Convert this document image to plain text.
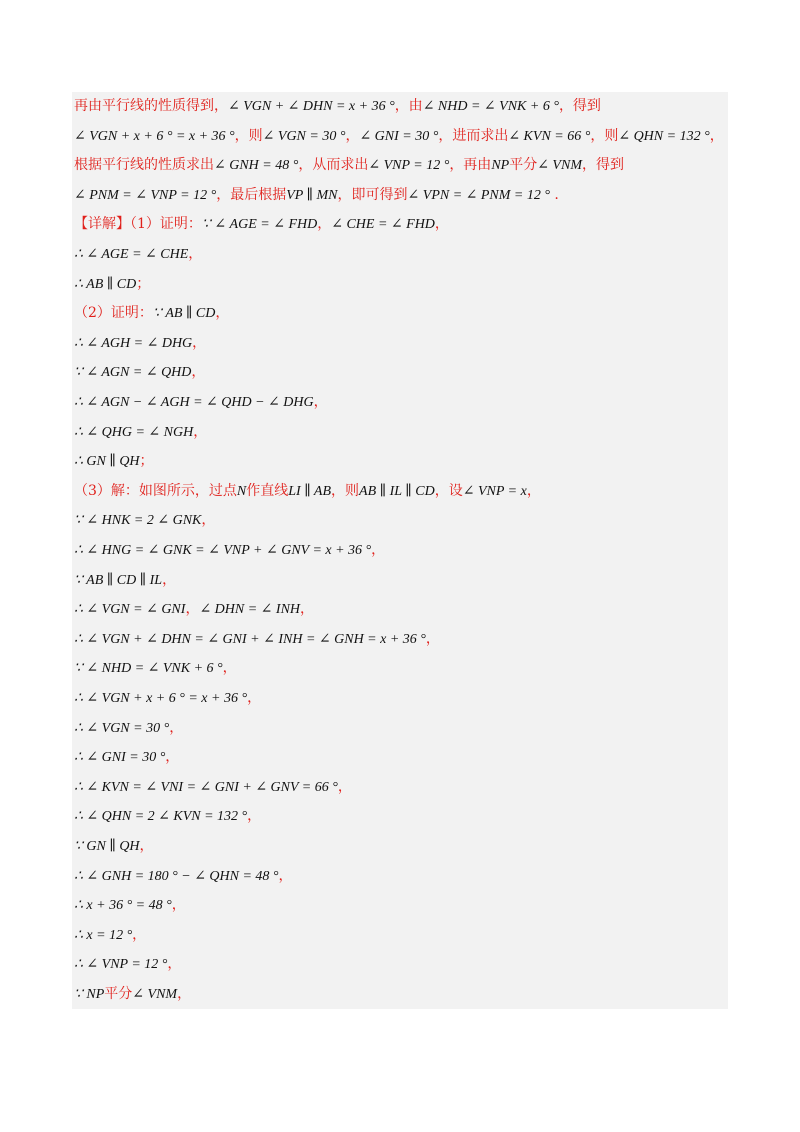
再由平行线的性质得到，∠ VGN + ∠ DHN = x + 36 °，由∠ NHD = ∠ VNK + 6 °，得到
∠ VGN + x + 6 ° = x + 36 °，则∠ VGN = 30 °，∠ GNI = 30 °，进而求出∠ KVN = 66 °，则∠ QHN = 132 °，
根据平行线的性质求出∠ GNH = 48 °，从而求出∠ VNP = 12 °，再由NP平分∠ VNM，得到
∠ PNM = ∠ VNP = 12 °，最后根据VP ∥ MN，即可得到∠ VPN = ∠ PNM = 12 ° .
【详解】（1）证明：∵ ∠ AGE = ∠ FHD，∠ CHE = ∠ FHD，
∴ ∠ AGE = ∠ CHE，
∴ AB ∥ CD；
（2）证明：∵ AB ∥ CD，
∴ ∠ AGH = ∠ DHG，
∵ ∠ AGN = ∠ QHD，
∴ ∠ AGN − ∠ AGH = ∠ QHD − ∠ DHG，
∴ ∠ QHG = ∠ NGH，
∴ GN ∥ QH；
（3）解：如图所示，过点N作直线LI ∥ AB，则AB ∥ IL ∥ CD，设∠ VNP = x，
∵ ∠ HNK = 2 ∠ GNK，
∴ ∠ HNG = ∠ GNK = ∠ VNP + ∠ GNV = x + 36 °，
∵ AB ∥ CD ∥ IL，
∴ ∠ VGN = ∠ GNI，∠ DHN = ∠ INH，
∴ ∠ VGN + ∠ DHN = ∠ GNI + ∠ INH = ∠ GNH = x + 36 °，
∵ ∠ NHD = ∠ VNK + 6 °，
∴ ∠ VGN + x + 6 ° = x + 36 °，
∴ ∠ VGN = 30 °，
∴ ∠ GNI = 30 °，
∴ ∠ KVN = ∠ VNI = ∠ GNI + ∠ GNV = 66 °，
∴ ∠ QHN = 2 ∠ KVN = 132 °，
∵ GN ∥ QH，
∴ ∠ GNH = 180 ° − ∠ QHN = 48 °，
∴ x + 36 ° = 48 °，
∴ x = 12 °，
∴ ∠ VNP = 12 °，
∵ NP平分∠ VNM，
